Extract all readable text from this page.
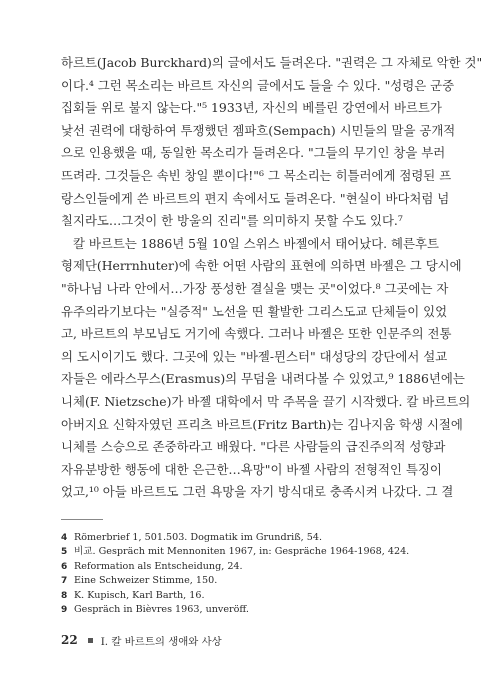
하르트(Jacob Burckhard)의 글에서도 들려온다. "권력은 그 자체로 악한 것"
이다.⁴ 그런 목소리는 바르트 자신의 글에서도 들을 수 있다. "성령은 군중
집회들 위로 불지 않는다."⁵ 1933년, 자신의 베를린 강연에서 바르트가
낯선 권력에 대항하여 투쟁했던 젬파흐(Sempach) 시민들의 말을 공개적
으로 인용했을 때, 동일한 목소리가 들려온다. "그들의 무기인 창을 부러
뜨려라. 그것들은 속빈 창일 뿐이다!"⁶ 그 목소리는 히틀러에게 점령된 프
랑스인들에게 쓴 바르트의 편지 속에서도 들려온다. "현실이 바다처럼 넘
칠지라도…그것이 한 방울의 진리"를 의미하지 못할 수도 있다.⁷
칼 바르트는 1886년 5월 10일 스위스 바젤에서 태어났다. 헤른후트
형제단(Herrnhuter)에 속한 어떤 사람의 표현에 의하면 바젤은 그 당시에
"하나님 나라 안에서…가장 풍성한 결실을 맺는 곳"이었다.⁸ 그곳에는 자
유주의라기보다는 "실증적" 노선을 띤 활발한 그리스도교 단체들이 있었
고, 바르트의 부모님도 거기에 속했다. 그러나 바젤은 또한 인문주의 전통
의 도시이기도 했다. 그곳에 있는 "바젤-뮌스터" 대성당의 강단에서 설교
자들은 에라스무스(Erasmus)의 무덤을 내려다볼 수 있었고,⁹ 1886년에는
니체(F. Nietzsche)가 바젤 대학에서 막 주목을 끌기 시작했다. 칼 바르트의
아버지요 신학자였던 프리츠 바르트(Fritz Barth)는 김나지움 학생 시절에
니체를 스승으로 존중하라고 배웠다. "다른 사람들의 급진주의적 성향과
자유분방한 행동에 대한 은근한…욕망"이 바젤 사람의 전형적인 특징이
었고,¹⁰ 아들 바르트도 그런 욕망을 자기 방식대로 충족시켜 나갔다. 그 결
4 Römerbrief 1, 501.503. Dogmatik im Grundriß, 54.
5 비교. Gespräch mit Mennoniten 1967, in: Gespräche 1964-1968, 424.
6 Reformation als Entscheidung, 24.
7 Eine Schweizer Stimme, 150.
8 K. Kupisch, Karl Barth, 16.
9 Gespräch in Bièvres 1963, unveröff.
22 I. 칼 바르트의 생애와 사상
